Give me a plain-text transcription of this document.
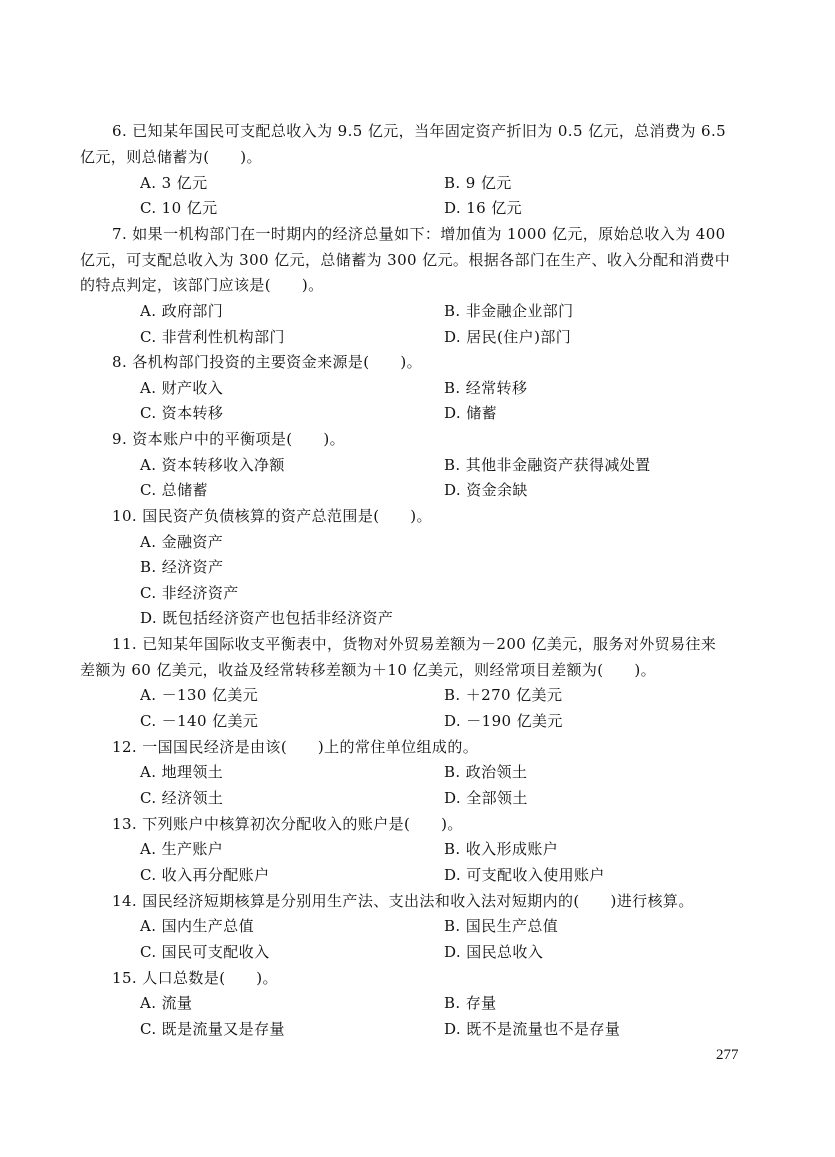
6. 已知某年国民可支配总收入为 9.5 亿元，当年固定资产折旧为 0.5 亿元，总消费为 6.5
亿元，则总储蓄为(　　)。
A. 3 亿元	B. 9 亿元
C. 10 亿元	D. 16 亿元
7. 如果一机构部门在一时期内的经济总量如下：增加值为 1000 亿元，原始总收入为 400
亿元，可支配总收入为 300 亿元，总储蓄为 300 亿元。根据各部门在生产、收入分配和消费中
的特点判定，该部门应该是(　　)。
A. 政府部门	B. 非金融企业部门
C. 非营利性机构部门	D. 居民(住户)部门
8. 各机构部门投资的主要资金来源是(　　)。
A. 财产收入	B. 经常转移
C. 资本转移	D. 储蓄
9. 资本账户中的平衡项是(　　)。
A. 资本转移收入净额	B. 其他非金融资产获得减处置
C. 总储蓄	D. 资金余缺
10. 国民资产负债核算的资产总范围是(　　)。
A. 金融资产
B. 经济资产
C. 非经济资产
D. 既包括经济资产也包括非经济资产
11. 已知某年国际收支平衡表中，货物对外贸易差额为－200 亿美元，服务对外贸易往来
差额为 60 亿美元，收益及经常转移差额为＋10 亿美元，则经常项目差额为(　　)。
A. －130 亿美元	B. ＋270 亿美元
C. －140 亿美元	D. －190 亿美元
12. 一国国民经济是由该(　　)上的常住单位组成的。
A. 地理领土	B. 政治领土
C. 经济领土	D. 全部领土
13. 下列账户中核算初次分配收入的账户是(　　)。
A. 生产账户	B. 收入形成账户
C. 收入再分配账户	D. 可支配收入使用账户
14. 国民经济短期核算是分别用生产法、支出法和收入法对短期内的(　　)进行核算。
A. 国内生产总值	B. 国民生产总值
C. 国民可支配收入	D. 国民总收入
15. 人口总数是(　　)。
A. 流量	B. 存量
C. 既是流量又是存量	D. 既不是流量也不是存量
277
